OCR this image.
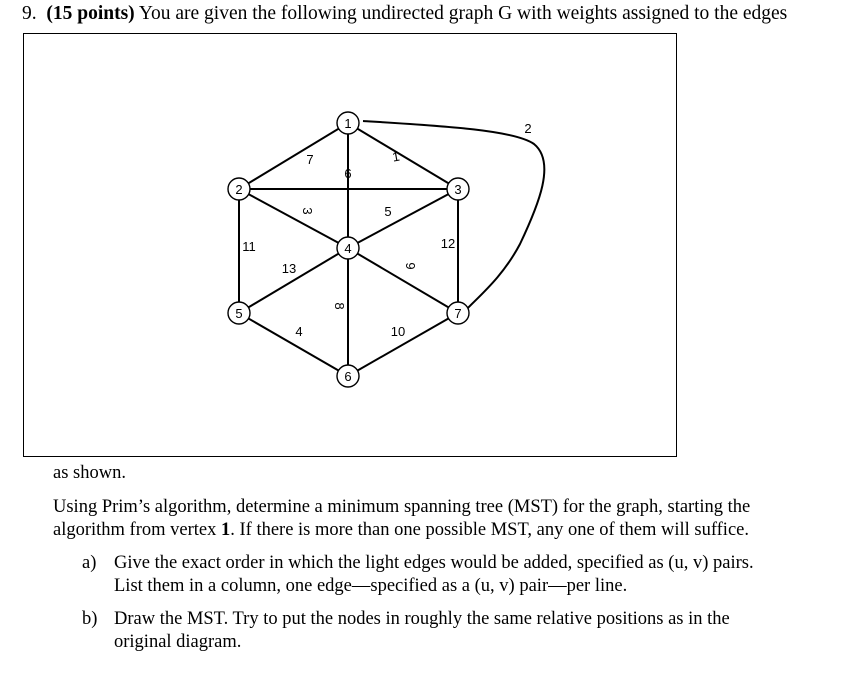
9. (15 points) You are given the following undirected graph G with weights assigned to the edges
7	1
9
2
3
11
5
12
13
8
6
4	10
1
2	3
4
5
6
7
as shown.
Using Prim’s algorithm, determine a minimum spanning tree (MST) for the graph, starting the
algorithm from vertex 1. If there is more than one possible MST, any one of them will suffice.
a) Give the exact order in which the light edges would be added, specified as (u, v) pairs.
List them in a column, one edge—specified as a (u, v) pair—per line.
b) Draw the MST. Try to put the nodes in roughly the same relative positions as in the
original diagram.
